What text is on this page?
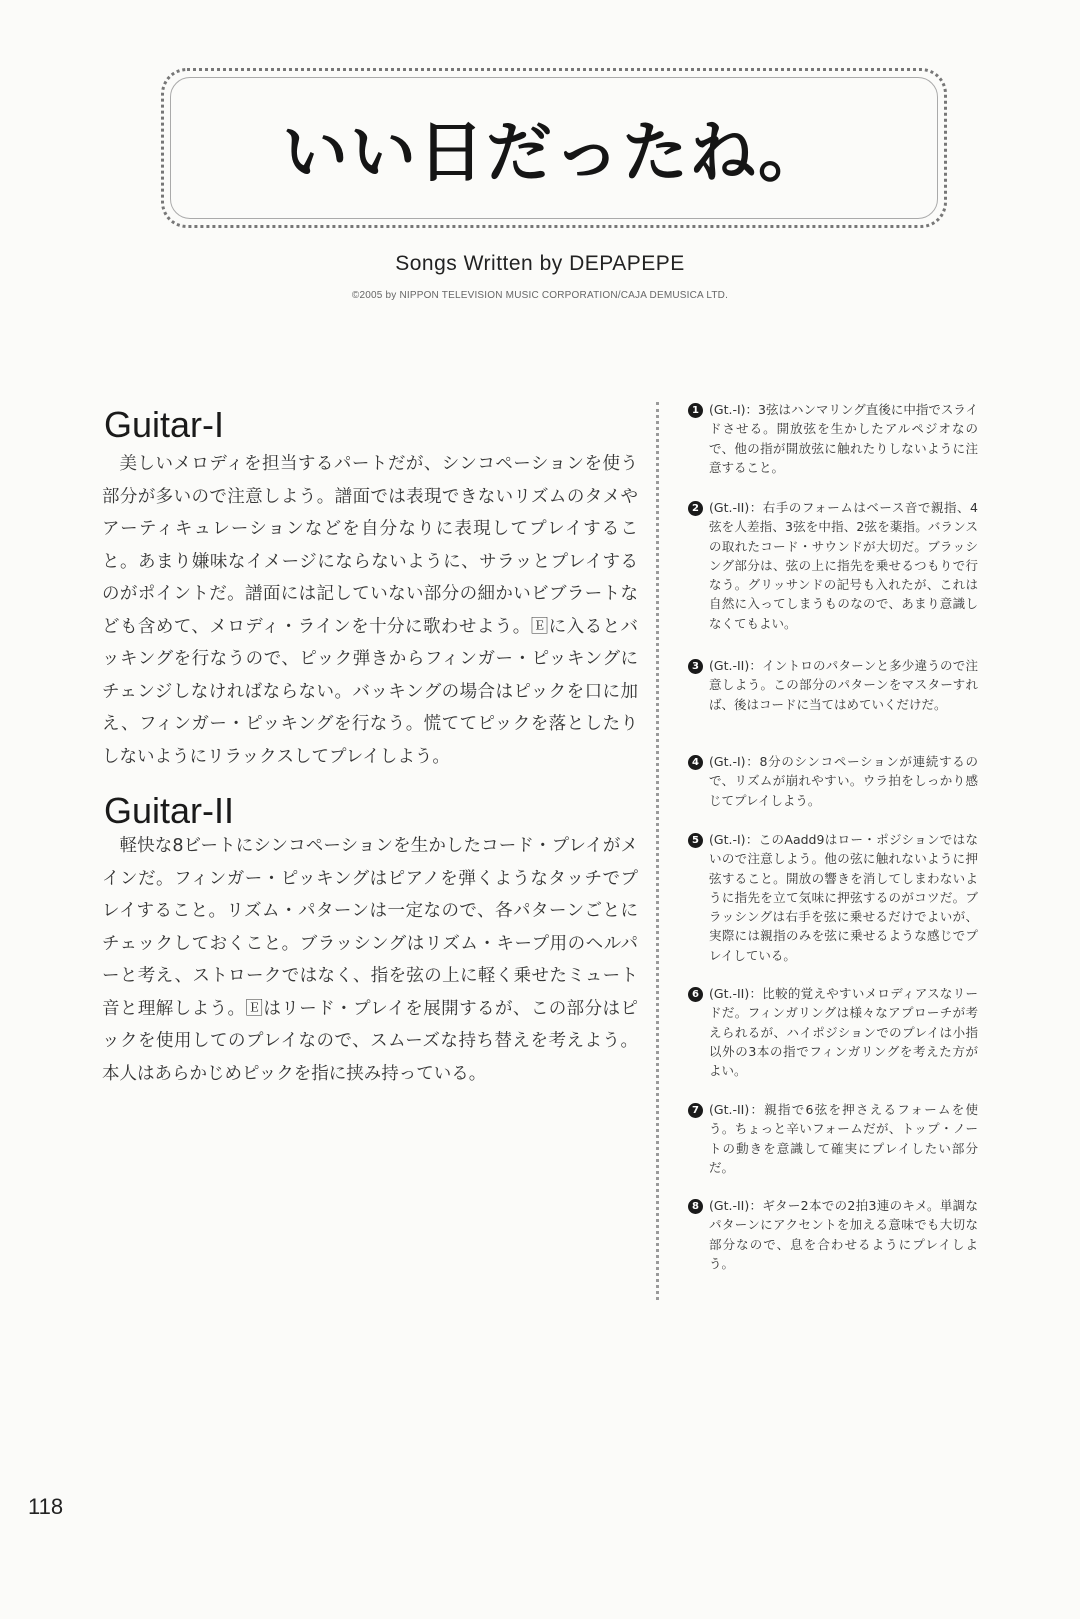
いい日だったね。
Songs Written by DEPAPEPE
©2005 by NIPPON TELEVISION MUSIC CORPORATION/CAJA DEMUSICA LTD.
Guitar-I
美しいメロディを担当するパートだが、シンコペーションを使う部分が多いので注意しよう。譜面では表現できないリズムのタメやアーティキュレーションなどを自分なりに表現してプレイすること。あまり嫌味なイメージにならないように、サラッとプレイするのがポイントだ。譜面には記していない部分の細かいビブラートなども含めて、メロディ・ラインを十分に歌わせよう。🄴に入るとバッキングを行なうので、ピック弾きからフィンガー・ピッキングにチェンジしなければならない。バッキングの場合はピックを口に加え、フィンガー・ピッキングを行なう。慌ててピックを落としたりしないようにリラックスしてプレイしよう。
Guitar-II
軽快な8ビートにシンコペーションを生かしたコード・プレイがメインだ。フィンガー・ピッキングはピアノを弾くようなタッチでプレイすること。リズム・パターンは一定なので、各パターンごとにチェックしておくこと。ブラッシングはリズム・キープ用のヘルパーと考え、ストロークではなく、指を弦の上に軽く乗せたミュート音と理解しよう。🄴はリード・プレイを展開するが、この部分はピックを使用してのプレイなので、スムーズな持ち替えを考えよう。本人はあらかじめピックを指に挟み持っている。
1 (Gt.-I)：3弦はハンマリング直後に中指でスライドさせる。開放弦を生かしたアルペジオなので、他の指が開放弦に触れたりしないように注意すること。
2 (Gt.-II)：右手のフォームはベース音で親指、4弦を人差指、3弦を中指、2弦を薬指。バランスの取れたコード・サウンドが大切だ。ブラッシング部分は、弦の上に指先を乗せるつもりで行なう。グリッサンドの記号も入れたが、これは自然に入ってしまうものなので、あまり意識しなくてもよい。
3 (Gt.-II)：イントロのパターンと多少違うので注意しよう。この部分のパターンをマスターすれば、後はコードに当てはめていくだけだ。
4 (Gt.-I)：8分のシンコペーションが連続するので、リズムが崩れやすい。ウラ拍をしっかり感じてプレイしよう。
5 (Gt.-I)：このAadd9はロー・ポジションではないので注意しよう。他の弦に触れないように押弦すること。開放の響きを消してしまわないように指先を立て気味に押弦するのがコツだ。ブラッシングは右手を弦に乗せるだけでよいが、実際には親指のみを弦に乗せるような感じでプレイしている。
6 (Gt.-II)：比較的覚えやすいメロディアスなリードだ。フィンガリングは様々なアプローチが考えられるが、ハイポジションでのプレイは小指以外の3本の指でフィンガリングを考えた方がよい。
7 (Gt.-II)：親指で6弦を押さえるフォームを使う。ちょっと辛いフォームだが、トップ・ノートの動きを意識して確実にプレイしたい部分だ。
8 (Gt.-II)：ギター2本での2拍3連のキメ。単調なパターンにアクセントを加える意味でも大切な部分なので、息を合わせるようにプレイしよう。
118
